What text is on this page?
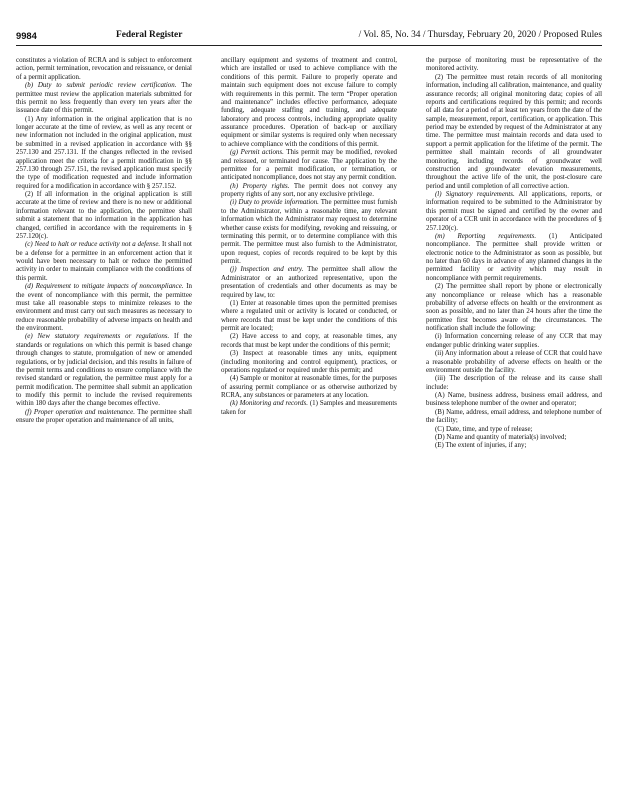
9984	Federal Register	/ Vol. 85, No. 34 / Thursday, February 20, 2020 / Proposed Rules

constitutes a violation of RCRA and is subject to enforcement action, permit termination, revocation and reissuance, or denial of a permit application.

(b) Duty to submit periodic review certification. The permittee must review the application materials submitted for this permit no less frequently than every ten years after the issuance date of this permit.

(1) Any information in the original application that is no longer accurate at the time of review, as well as any recent or new information not included in the original application, must be submitted in a revised application in accordance with §§ 257.130 and 257.131. If the changes reflected in the revised application meet the criteria for a permit modification in §§ 257.130 through 257.151, the revised application must specify the type of modification requested and include information required for a modification in accordance with § 257.152.

(2) If all information in the original application is still accurate at the time of review and there is no new or additional information relevant to the application, the permittee shall submit a statement that no information in the application has changed, certified in accordance with the requirements in § 257.120(c).

(c) Need to halt or reduce activity not a defense. It shall not be a defense for a permittee in an enforcement action that it would have been necessary to halt or reduce the permitted activity in order to maintain compliance with the conditions of this permit.

(d) Requirement to mitigate impacts of noncompliance. In the event of noncompliance with this permit, the permittee must take all reasonable steps to minimize releases to the environment and must carry out such measures as necessary to reduce reasonable probability of adverse impacts on health and the environment.

(e) New statutory requirements or regulations. If the standards or regulations on which this permit is based change through changes to statute, promulgation of new or amended regulations, or by judicial decision, and this results in failure of the permit terms and conditions to ensure compliance with the revised standard or regulation, the permittee must apply for a permit modification. The permittee shall submit an application to modify this permit to include the revised requirements within 180 days after the change becomes effective.

(f) Proper operation and maintenance. The permittee shall ensure the proper operation and maintenance of all units,

ancillary equipment and systems of treatment and control, which are installed or used to achieve compliance with the conditions of this permit. Failure to properly operate and maintain such equipment does not excuse failure to comply with requirements in this permit. The term “Proper operation and maintenance” includes effective performance, adequate funding, adequate staffing and training, and adequate laboratory and process controls, including appropriate quality assurance procedures. Operation of back-up or auxiliary equipment or similar systems is required only when necessary to achieve compliance with the conditions of this permit.

(g) Permit actions. This permit may be modified, revoked and reissued, or terminated for cause. The application by the permittee for a permit modification, or termination, or anticipated noncompliance, does not stay any permit condition.

(h) Property rights. The permit does not convey any property rights of any sort, nor any exclusive privilege.

(i) Duty to provide information. The permittee must furnish to the Administrator, within a reasonable time, any relevant information which the Administrator may request to determine whether cause exists for modifying, revoking and reissuing, or terminating this permit, or to determine compliance with this permit. The permittee must also furnish to the Administrator, upon request, copies of records required to be kept by this permit.

(j) Inspection and entry. The permittee shall allow the Administrator or an authorized representative, upon the presentation of credentials and other documents as may be required by law, to:

(1) Enter at reasonable times upon the permitted premises where a regulated unit or activity is located or conducted, or where records that must be kept under the conditions of this permit are located;

(2) Have access to and copy, at reasonable times, any records that must be kept under the conditions of this permit;

(3) Inspect at reasonable times any units, equipment (including monitoring and control equipment), practices, or operations regulated or required under this permit; and

(4) Sample or monitor at reasonable times, for the purposes of assuring permit compliance or as otherwise authorized by RCRA, any substances or parameters at any location.

(k) Monitoring and records. (1) Samples and measurements taken for

the purpose of monitoring must be representative of the monitored activity.

(2) The permittee must retain records of all monitoring information, including all calibration, maintenance, and quality assurance records; all original monitoring data; copies of all reports and certifications required by this permit; and records of all data for a period of at least ten years from the date of the sample, measurement, report, certification, or application. This period may be extended by request of the Administrator at any time. The permittee must maintain records and data used to support a permit application for the lifetime of the permit. The permittee shall maintain records of all groundwater monitoring, including records of groundwater well construction and groundwater elevation measurements, throughout the active life of the unit, the post-closure care period and until completion of all corrective action.

(l) Signatory requirements. All applications, reports, or information required to be submitted to the Administrator by this permit must be signed and certified by the owner and operator of a CCR unit in accordance with the procedures of § 257.120(c).

(m) Reporting requirements. (1) Anticipated noncompliance. The permittee shall provide written or electronic notice to the Administrator as soon as possible, but no later than 60 days in advance of any planned changes in the permitted facility or activity which may result in noncompliance with permit requirements.

(2) The permittee shall report by phone or electronically any noncompliance or release which has a reasonable probability of adverse effects on health or the environment as soon as possible, and no later than 24 hours after the time the permittee first becomes aware of the circumstances. The notification shall include the following:

(i) Information concerning release of any CCR that may endanger public drinking water supplies.

(ii) Any information about a release of CCR that could have a reasonable probability of adverse effects on health or the environment outside the facility.

(iii) The description of the release and its cause shall include:

(A) Name, business address, business email address, and business telephone number of the owner and operator;

(B) Name, address, email address, and telephone number of the facility;

(C) Date, time, and type of release;

(D) Name and quantity of material(s) involved;

(E) The extent of injuries, if any;
